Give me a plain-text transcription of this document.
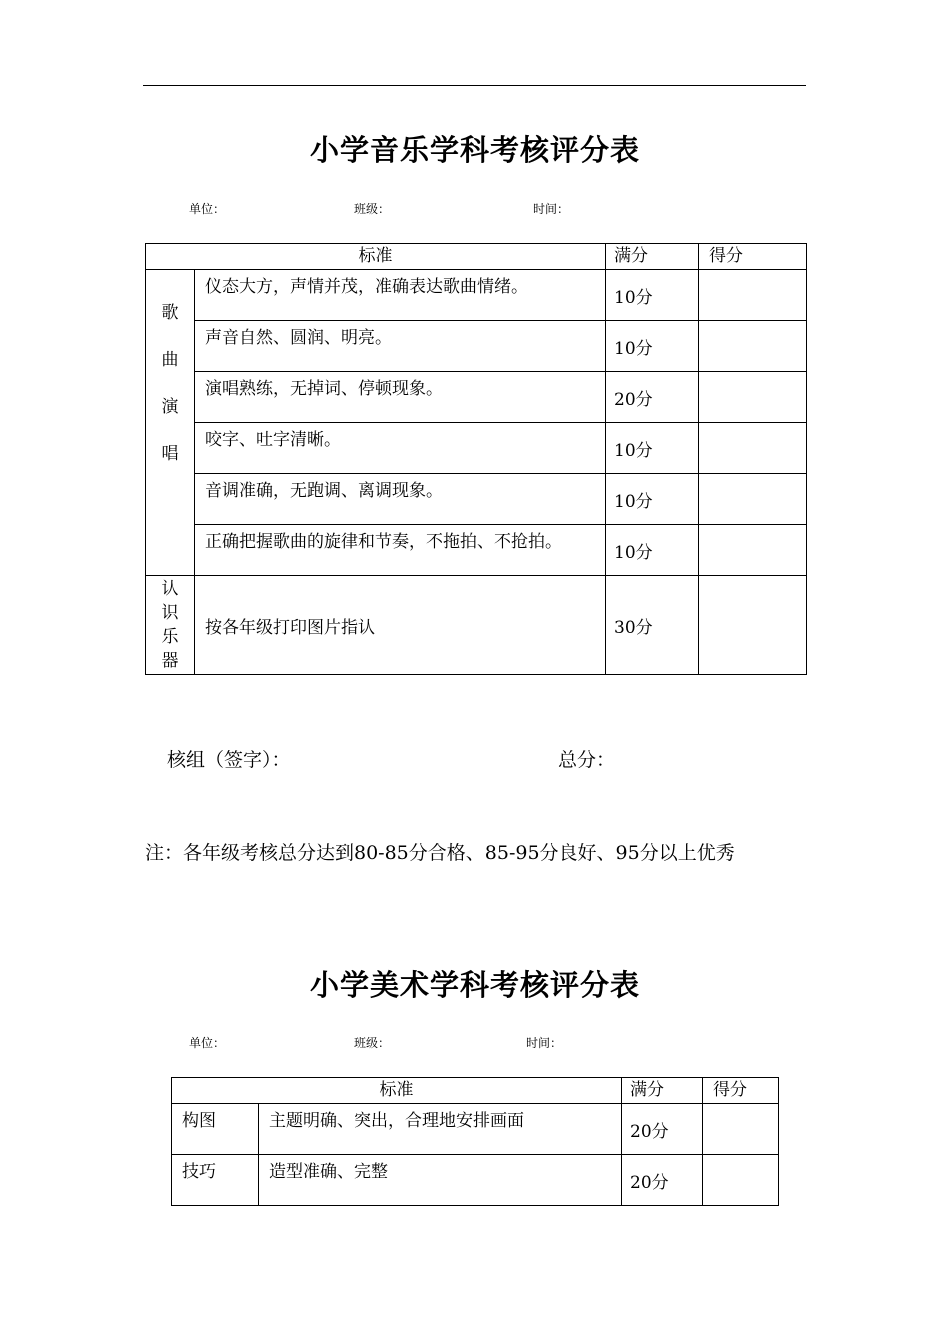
小学音乐学科考核评分表
单位：	班级：	时间：
标准		满分	得分

歌
曲
演
唱	仪态大方，声情并茂，准确表达歌曲情绪。	10分	
	声音自然、圆润、明亮。	10分	
	演唱熟练，无掉词、停顿现象。	20分	
	咬字、吐字清晰。	10分	
	音调准确，无跑调、离调现象。	10分	
	正确把握歌曲的旋律和节奏，不拖拍、不抢拍。	10分	

认
识
乐
器	按各年级打印图片指认	30分	
核组（签字）：	总分：
注：各年级考核总分达到80-85分合格、85-95分良好、95分以上优秀
小学美术学科考核评分表
单位：	班级：	时间：
标准		满分	得分
构图	主题明确、突出，合理地安排画面	20分	
技巧	造型准确、完整	20分	
